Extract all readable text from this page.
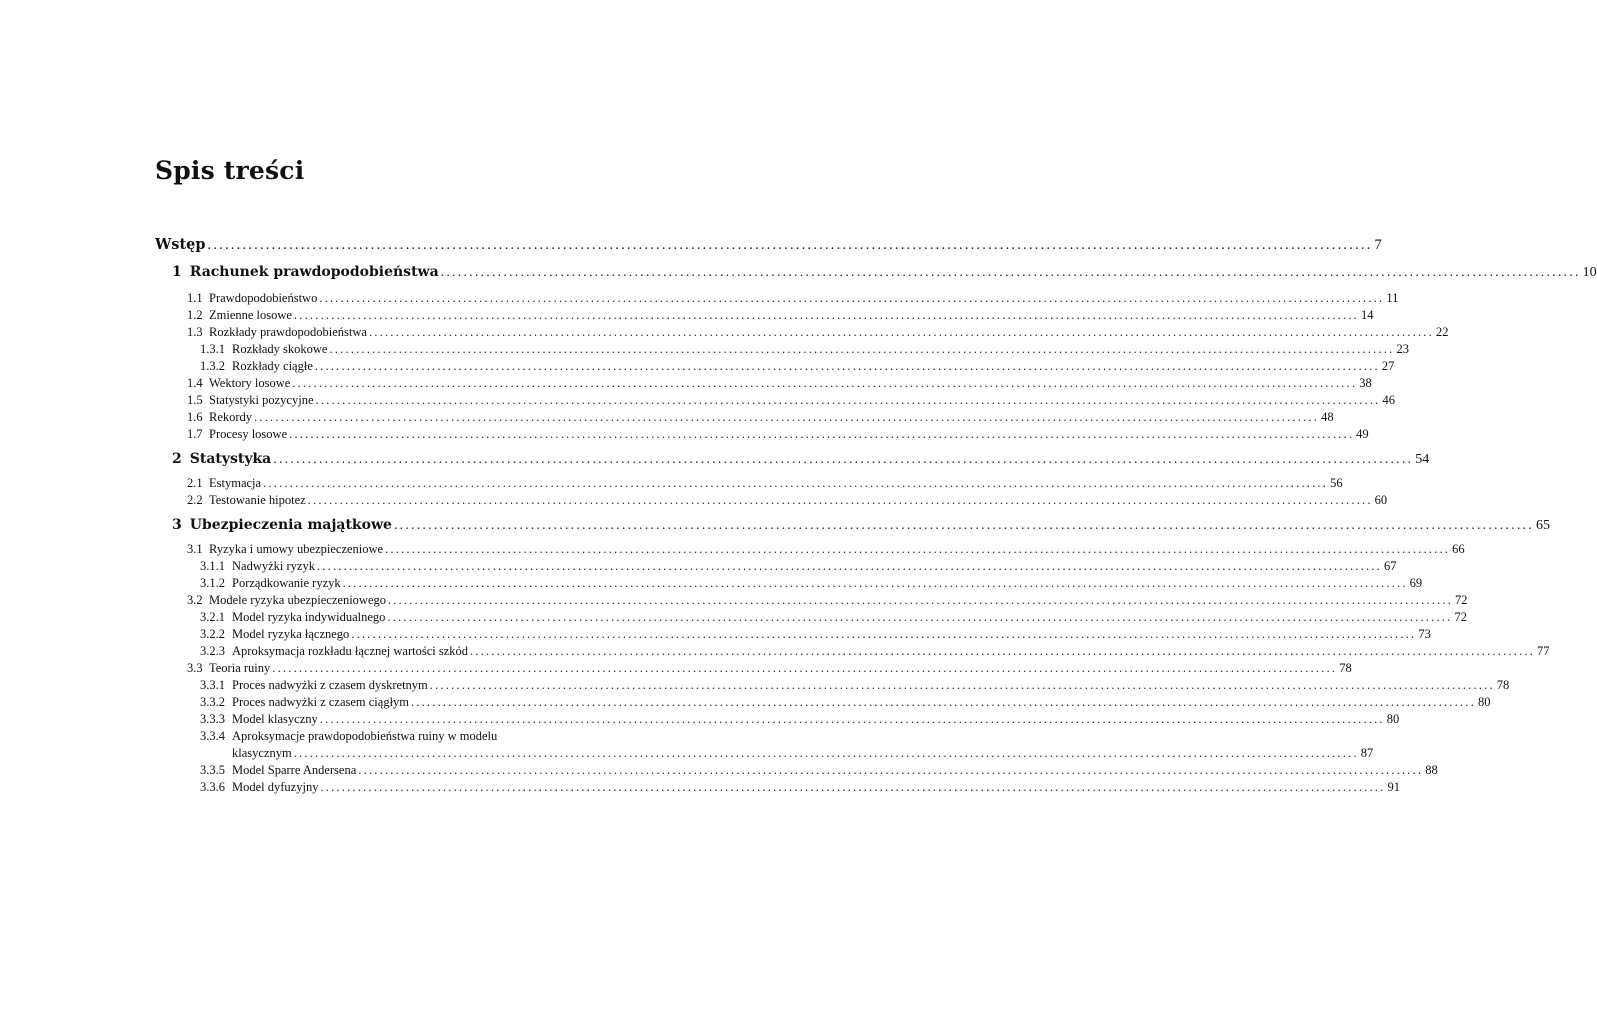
Spis treści
Wstęp ........................................................................................................................................................................................................ 7
1 Rachunek prawdopodobieństwa ........................................................................................................................................................................................................ 10
1.1 Prawdopodobieństwo ........................................................................................................................................................................................................ 11
1.2 Zmienne losowe ........................................................................................................................................................................................................ 14
1.3 Rozkłady prawdopodobieństwa ........................................................................................................................................................................................................ 22
1.3.1 Rozkłady skokowe ........................................................................................................................................................................................................ 23
1.3.2 Rozkłady ciągłe ........................................................................................................................................................................................................ 27
1.4 Wektory losowe ........................................................................................................................................................................................................ 38
1.5 Statystyki pozycyjne ........................................................................................................................................................................................................ 46
1.6 Rekordy ........................................................................................................................................................................................................ 48
1.7 Procesy losowe ........................................................................................................................................................................................................ 49
2 Statystyka ........................................................................................................................................................................................................ 54
2.1 Estymacja ........................................................................................................................................................................................................ 56
2.2 Testowanie hipotez ........................................................................................................................................................................................................ 60
3 Ubezpieczenia majątkowe ........................................................................................................................................................................................................ 65
3.1 Ryzyka i umowy ubezpieczeniowe ........................................................................................................................................................................................................ 66
3.1.1 Nadwyżki ryzyk ........................................................................................................................................................................................................ 67
3.1.2 Porządkowanie ryzyk ........................................................................................................................................................................................................ 69
3.2 Modele ryzyka ubezpieczeniowego ........................................................................................................................................................................................................ 72
3.2.1 Model ryzyka indywidualnego ........................................................................................................................................................................................................ 72
3.2.2 Model ryzyka łącznego ........................................................................................................................................................................................................ 73
3.2.3 Aproksymacja rozkładu łącznej wartości szkód ........................................................................................................................................................................................................ 77
3.3 Teoria ruiny ........................................................................................................................................................................................................ 78
3.3.1 Proces nadwyżki z czasem dyskretnym ........................................................................................................................................................................................................ 78
3.3.2 Proces nadwyżki z czasem ciągłym ........................................................................................................................................................................................................ 80
3.3.3 Model klasyczny ........................................................................................................................................................................................................ 80
3.3.4 Aproksymacje prawdopodobieństwa ruiny w modelu
klasycznym ........................................................................................................................................................................................................ 87
3.3.5 Model Sparre Andersena ........................................................................................................................................................................................................ 88
3.3.6 Model dyfuzyjny ........................................................................................................................................................................................................ 91
